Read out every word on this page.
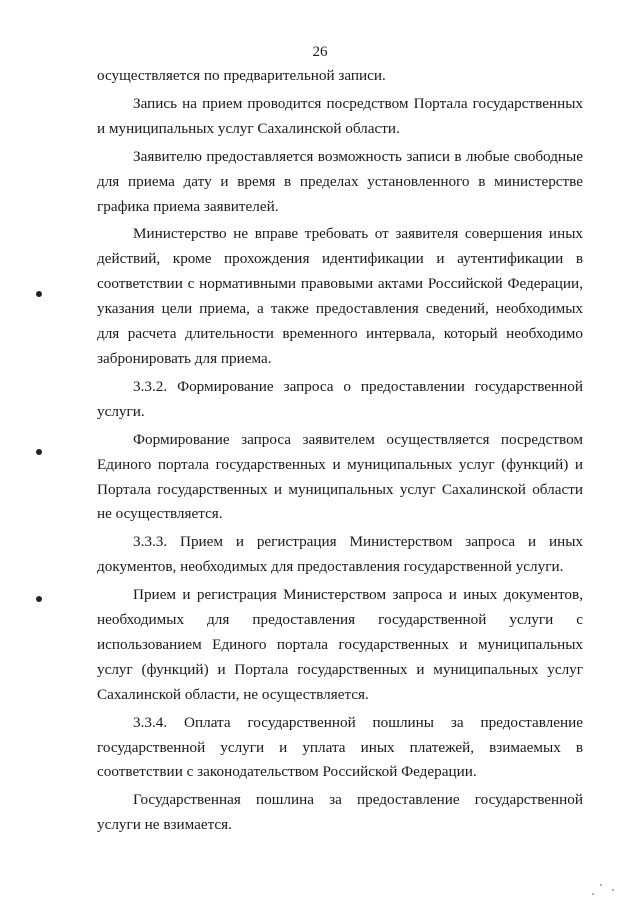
26

осуществляется по предварительной записи.

Запись на прием проводится посредством Портала государственных и муниципальных услуг Сахалинской области.

Заявителю предоставляется возможность записи в любые свободные для приема дату и время в пределах установленного в министерстве графика приема заявителей.

Министерство не вправе требовать от заявителя совершения иных действий, кроме прохождения идентификации и аутентификации в соответствии с нормативными правовыми актами Российской Федерации, указания цели приема, а также предоставления сведений, необходимых для расчета длительности временного интервала, который необходимо забронировать для приема.

3.3.2. Формирование запроса о предоставлении государственной услуги.

Формирование запроса заявителем осуществляется посредством Единого портала государственных и муниципальных услуг (функций) и Портала государственных и муниципальных услуг Сахалинской области не осуществляется.

3.3.3. Прием и регистрация Министерством запроса и иных документов, необходимых для предоставления государственной услуги.

Прием и регистрация Министерством запроса и иных документов, необходимых для предоставления государственной услуги с использованием Единого портала государственных и муниципальных услуг (функций) и Портала государственных и муниципальных услуг Сахалинской области, не осуществляется.

3.3.4. Оплата государственной пошлины за предоставление государственной услуги и уплата иных платежей, взимаемых в соответствии с законодательством Российской Федерации.

Государственная пошлина за предоставление государственной услуги не взимается.
